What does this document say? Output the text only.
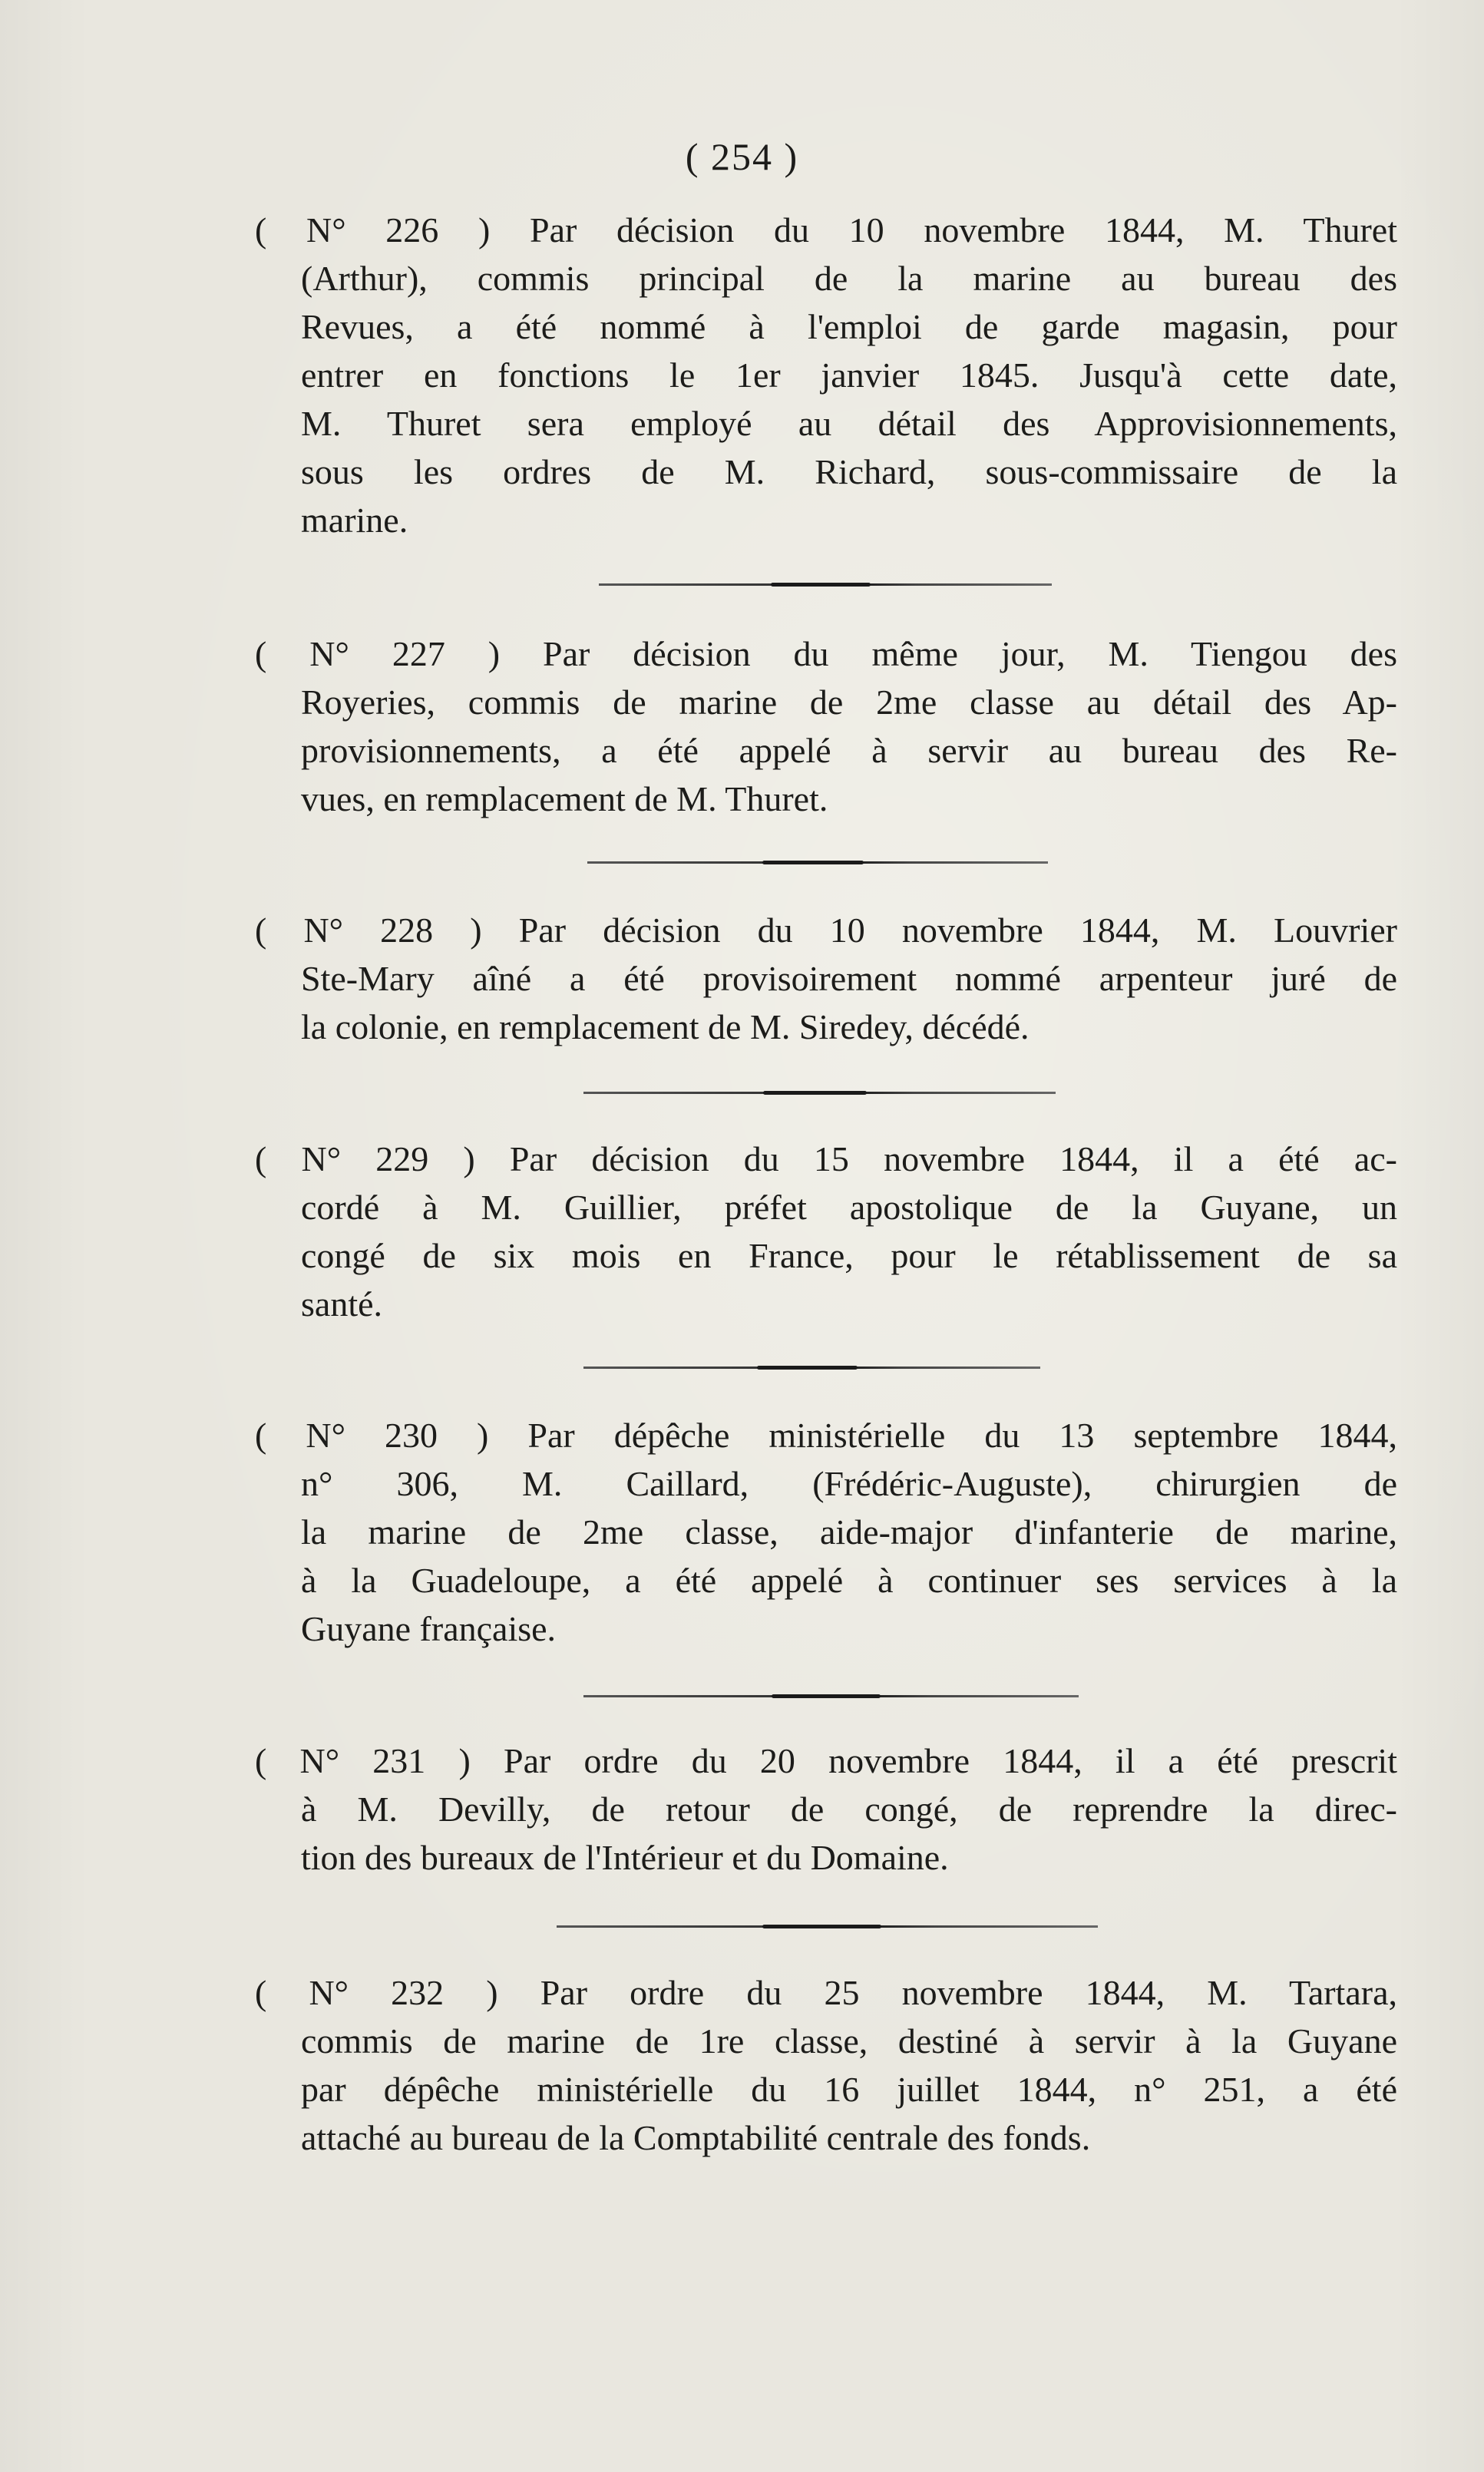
( 254 )
( N° 226 ) Par décision du 10 novembre 1844, M. Thuret
(Arthur), commis principal de la marine au bureau des
Revues, a été nommé à l'emploi de garde magasin, pour
entrer en fonctions le 1er janvier 1845. Jusqu'à cette date,
M. Thuret sera employé au détail des Approvisionnements,
sous les ordres de M. Richard, sous-commissaire de la
marine.
( N° 227 ) Par décision du même jour, M. Tiengou des
Royeries, commis de marine de 2me classe au détail des Ap-
provisionnements, a été appelé à servir au bureau des Re-
vues, en remplacement de M. Thuret.
( N° 228 ) Par décision du 10 novembre 1844, M. Louvrier
Ste-Mary aîné a été provisoirement nommé arpenteur juré de
la colonie, en remplacement de M. Siredey, décédé.
( N° 229 ) Par décision du 15 novembre 1844, il a été ac-
cordé à M. Guillier, préfet apostolique de la Guyane, un
congé de six mois en France, pour le rétablissement de sa
santé.
( N° 230 ) Par dépêche ministérielle du 13 septembre 1844,
n° 306, M. Caillard, (Frédéric-Auguste), chirurgien de
la marine de 2me classe, aide-major d'infanterie de marine,
à la Guadeloupe, a été appelé à continuer ses services à la
Guyane française.
( N° 231 ) Par ordre du 20 novembre 1844, il a été prescrit
à M. Devilly, de retour de congé, de reprendre la direc-
tion des bureaux de l'Intérieur et du Domaine.
( N° 232 ) Par ordre du 25 novembre 1844, M. Tartara,
commis de marine de 1re classe, destiné à servir à la Guyane
par dépêche ministérielle du 16 juillet 1844, n° 251, a été
attaché au bureau de la Comptabilité centrale des fonds.
